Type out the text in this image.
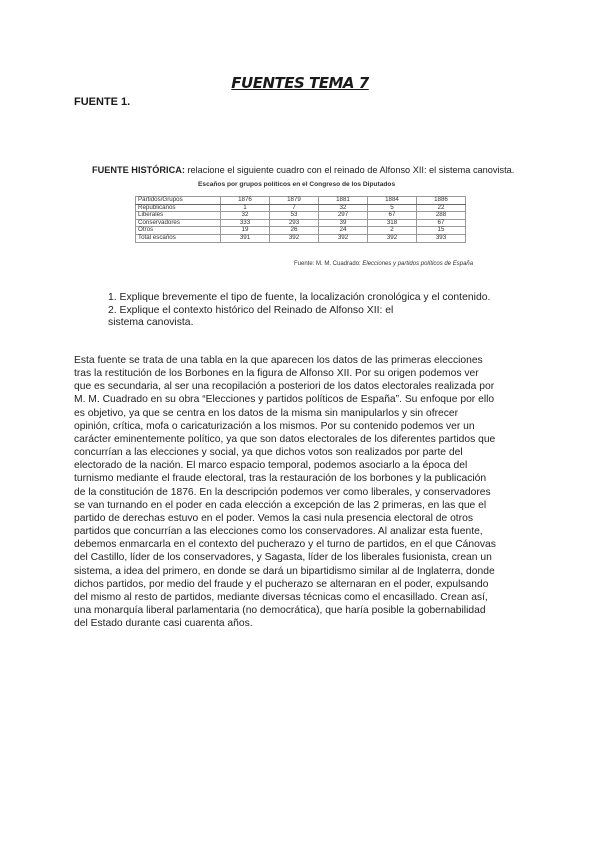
FUENTES TEMA 7
FUENTE 1.
FUENTE HISTÓRICA: relacione el siguiente cuadro con el reinado de Alfonso XII: el sistema canovista.
Escaños por grupos políticos en el Congreso de los Diputados
Partidos/Grupos	1876	1879	1881	1884	1886
Republicanos	1	7	32	5	22
Liberales	32	53	297	67	288
Conservadores	333	293	39	318	67
Otros	19	26	24	2	15
Total escaños	391	392	392	392	393
Fuente: M. M. Cuadrado: Elecciones y partidos políticos de España
1. Explique brevemente el tipo de fuente, la localización cronológica y el contenido.
2. Explique el contexto histórico del Reinado de Alfonso XII: el sistema canovista.
Esta fuente se trata de una tabla en la que aparecen los datos de las primeras elecciones
tras la restitución de los Borbones en la figura de Alfonso XII. Por su origen podemos ver
que es secundaria, al ser una recopilación a posteriori de los datos electorales realizada por
M. M. Cuadrado en su obra “Elecciones y partidos políticos de España”. Su enfoque por ello
es objetivo, ya que se centra en los datos de la misma sin manipularlos y sin ofrecer
opinión, crítica, mofa o caricaturización a los mismos. Por su contenido podemos ver un
carácter eminentemente político, ya que son datos electorales de los diferentes partidos que
concurrían a las elecciones y social, ya que dichos votos son realizados por parte del
electorado de la nación. El marco espacio temporal, podemos asociarlo a la época del
turnismo mediante el fraude electoral, tras la restauración de los borbones y la publicación
de la constitución de 1876. En la descripción podemos ver como liberales, y conservadores
se van turnando en el poder en cada elección a excepción de las 2 primeras, en las que el
partido de derechas estuvo en el poder. Vemos la casi nula presencia electoral de otros
partidos que concurrían a las elecciones como los conservadores. Al analizar esta fuente,
debemos enmarcarla en el contexto del pucherazo y el turno de partidos, en el que Cánovas
del Castillo, líder de los conservadores, y Sagasta, líder de los liberales fusionista, crean un
sistema, a idea del primero, en donde se dará un bipartidismo similar al de Inglaterra, donde
dichos partidos, por medio del fraude y el pucherazo se alternaran en el poder, expulsando
del mismo al resto de partidos, mediante diversas técnicas como el encasillado. Crean así,
una monarquía liberal parlamentaria (no democrática), que haría posible la gobernabilidad
del Estado durante casi cuarenta años.
